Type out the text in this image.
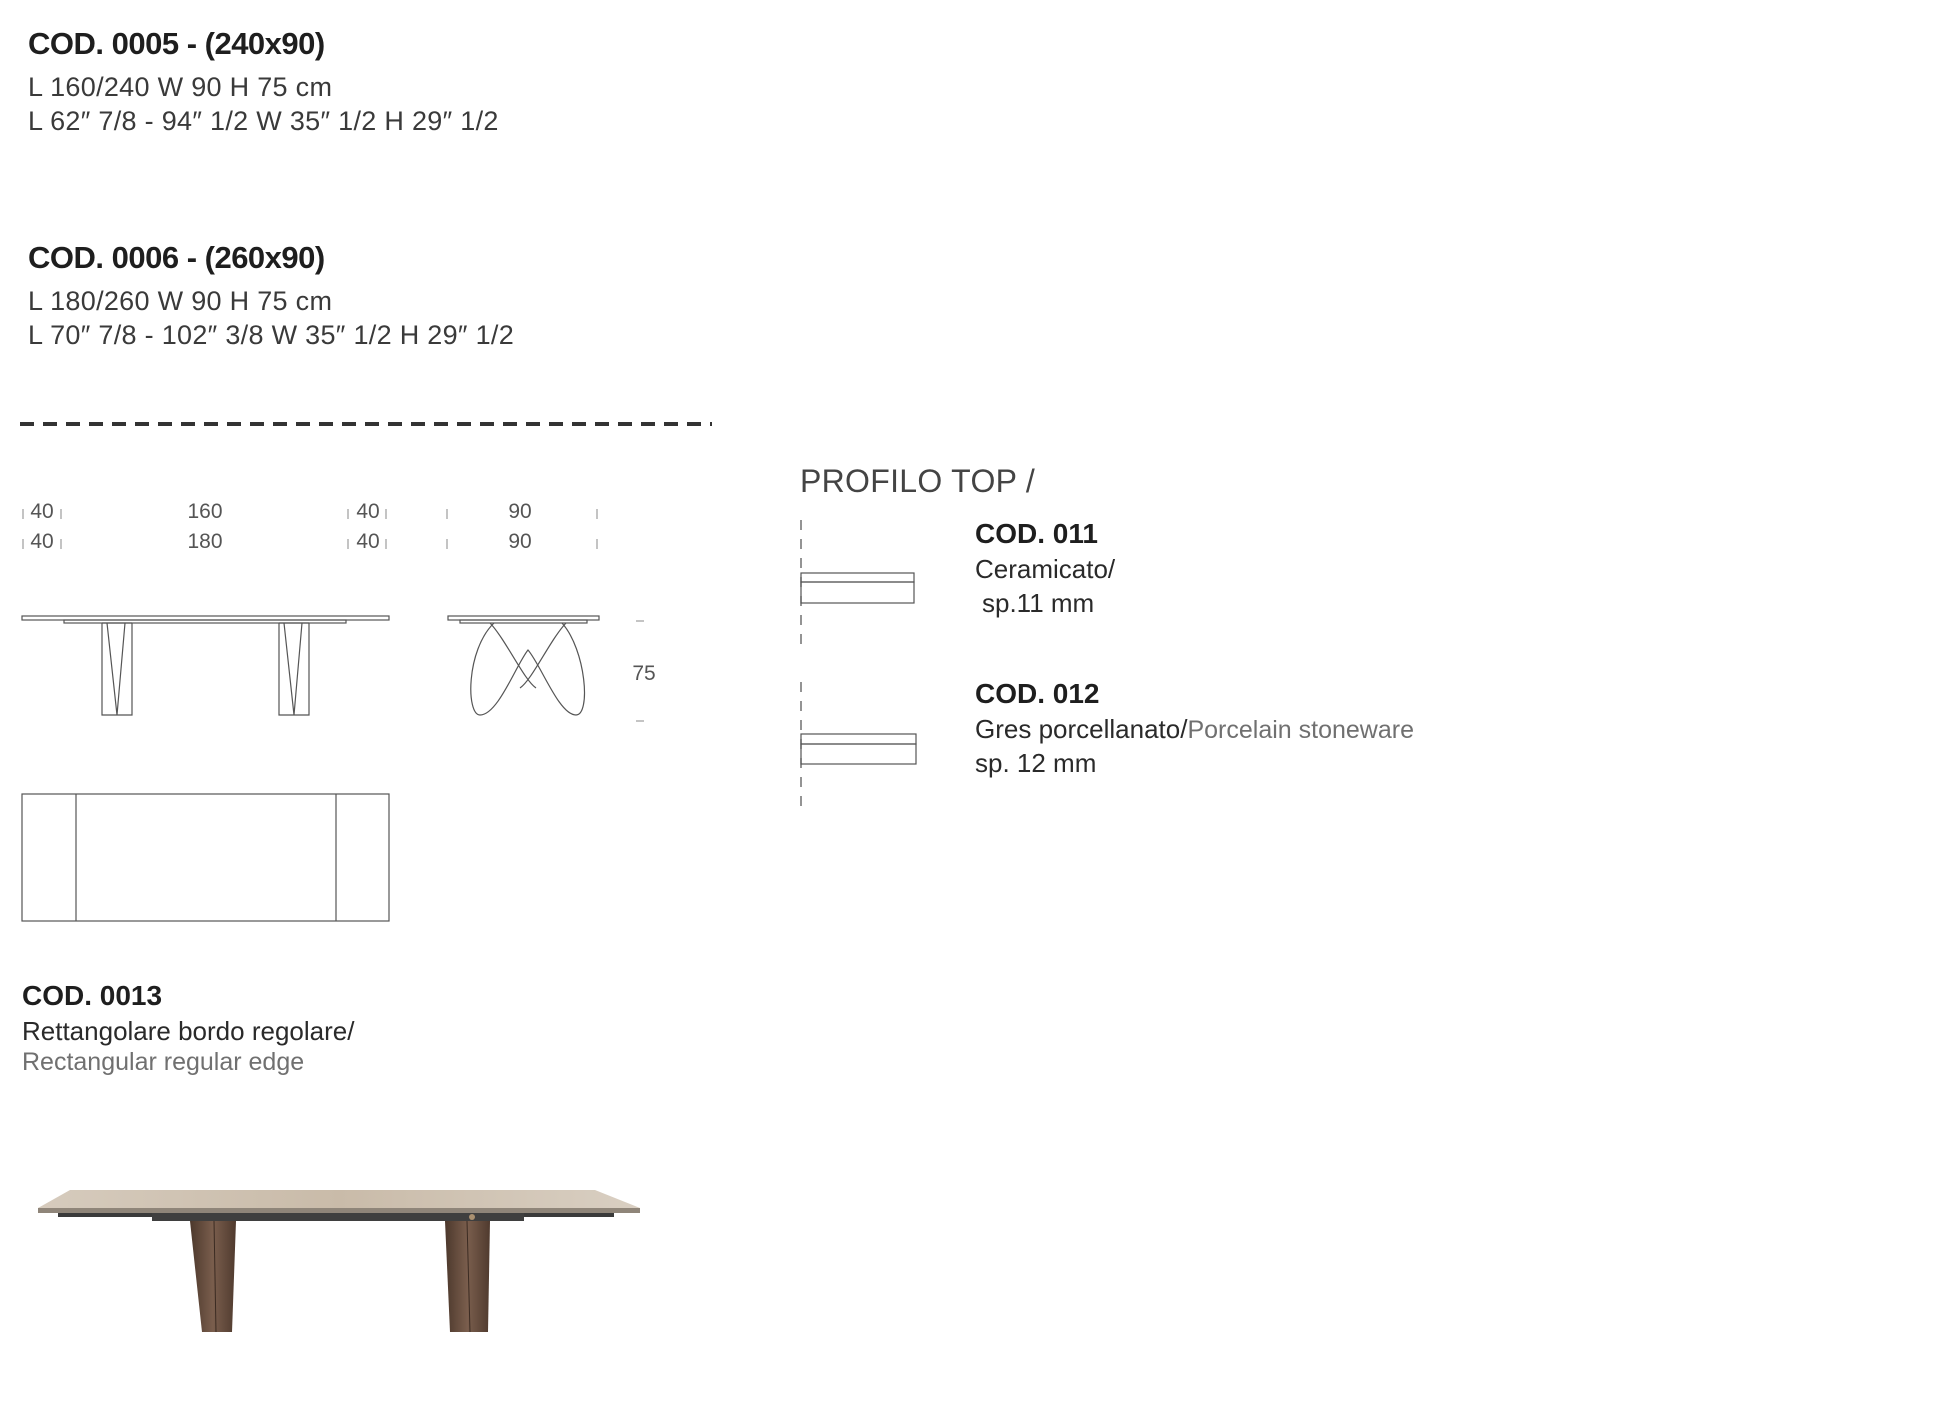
COD. 0005 - (240x90)
L 160/240 W 90 H 75 cm
L 62″ 7/8 - 94″ 1/2 W 35″ 1/2 H 29″ 1/2
COD. 0006 - (260x90)
L 180/260 W 90 H 75 cm
L 70″ 7/8 - 102″ 3/8 W 35″ 1/2 H 29″ 1/2
40	160	40	90
40	180	40	90
75
COD. 0013
Rettangolare bordo regolare/
Rectangular regular edge
PROFILO TOP /
COD. 011
Ceramicato/
sp.11 mm
COD. 012
Gres porcellanato/Porcelain stoneware
sp. 12 mm
